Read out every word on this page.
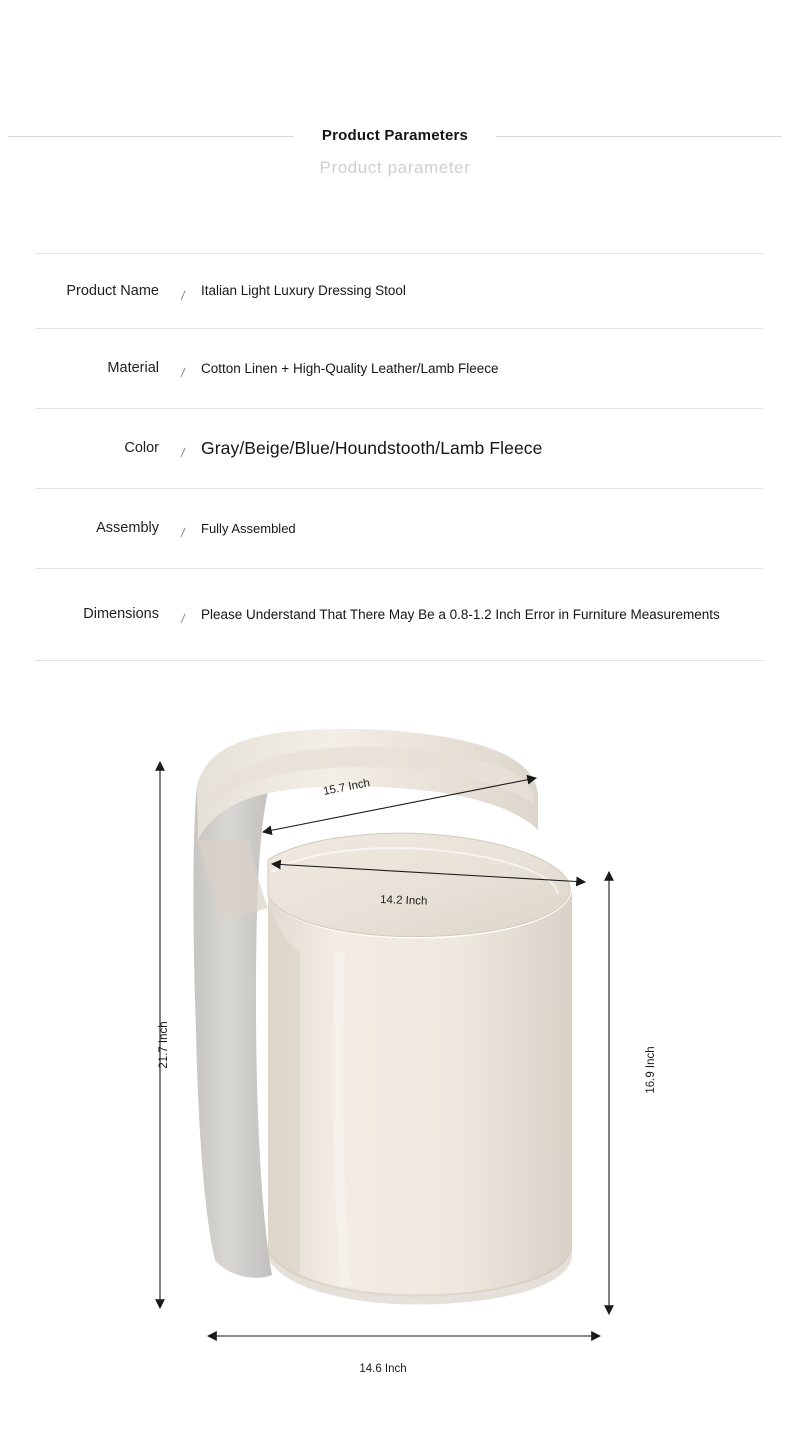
Product Parameters
Product parameter
Product Name	/	Italian Light Luxury Dressing Stool
Material	/	Cotton Linen + High-Quality Leather/Lamb Fleece
Color	/ Gray/Beige/Blue/Houndstooth/Lamb Fleece
Assembly	/	Fully Assembled
Dimensions	/	Please Understand That There May Be a 0.8-1.2 Inch Error in Furniture Measurements
15.7 Inch
14.2 Inch
21.7 Inch
16.9 Inch
14.6 Inch
